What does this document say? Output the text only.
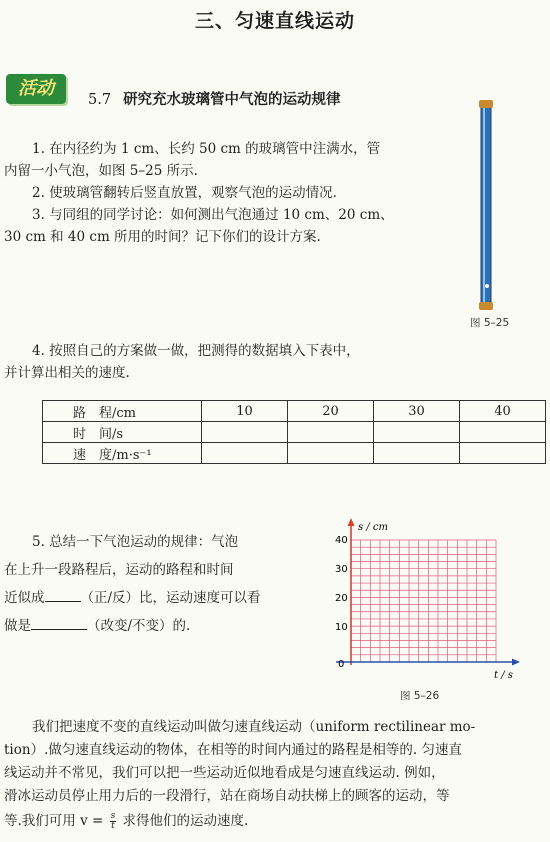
三、匀速直线运动
活动
5.7 研究充水玻璃管中气泡的运动规律
1. 在内径约为 1 cm、长约 50 cm 的玻璃管中注满水，管
内留一小气泡，如图 5–25 所示.
2. 使玻璃管翻转后竖直放置，观察气泡的运动情况.
3. 与同组的同学讨论：如何测出气泡通过 10 cm、20 cm、
30 cm 和 40 cm 所用的时间？记下你们的设计方案.
图 5–25
4. 按照自己的方案做一做，把测得的数据填入下表中，
并计算出相关的速度.
路　程/cm	10	20	30	40
时　间/s				
速　度/m·s⁻¹				
5. 总结一下气泡运动的规律：气泡
在上升一段路程后，运动的路程和时间
近似成	（正/反）比，运动速度可以看
做是	（改变/不变）的.
s / cm
t / s
0
10
20
30
40
图 5–26
我们把速度不变的直线运动叫做匀速直线运动（uniform rectilinear mo-
tion）.做匀速直线运动的物体，在相等的时间内通过的路程是相等的. 匀速直
线运动并不常见，我们可以把一些运动近似地看成是匀速直线运动. 例如，
滑冰运动员停止用力后的一段滑行，站在商场自动扶梯上的顾客的运动，等
等.我们可用 $v = \frac{s}{t}$ 求得他们的运动速度.
